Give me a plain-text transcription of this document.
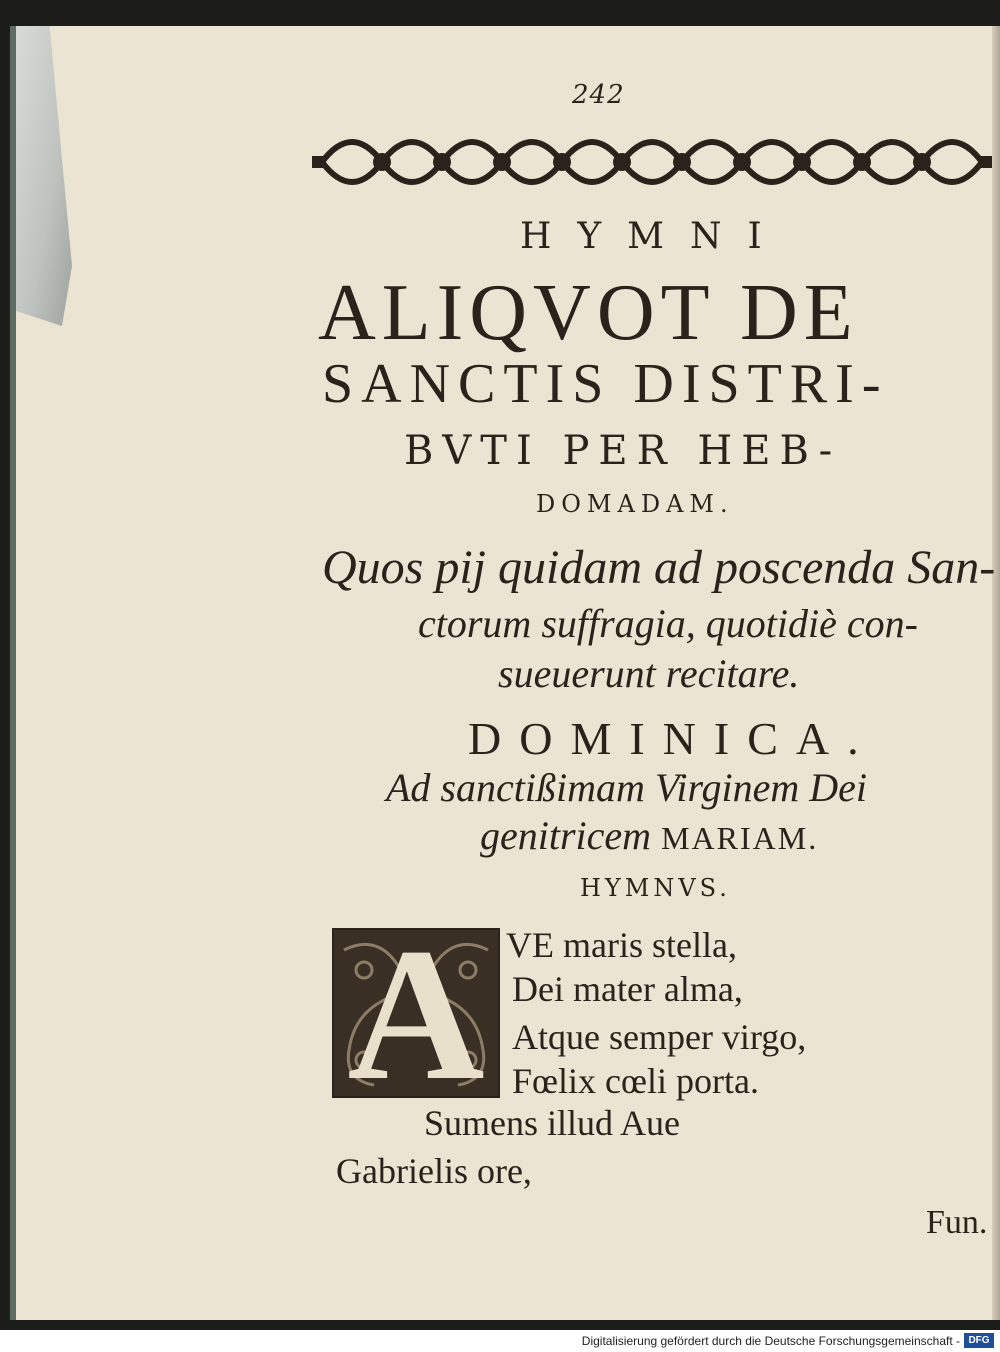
242
HYMNI
ALIQVOT DE
SANCTIS DISTRI-
BVTI PER HEB-
DOMADAM.
Quos pij quidam ad poscenda San-
ctorum suffragia, quotidiè con-
sueuerunt recitare.
DOMINICA.
Ad sanctißimam Virginem Dei
genitricem MARIAM.
HYMNVS.
A VE maris stella,
Dei mater alma,
Atque semper virgo,
Fœlix cœli porta.
Sumens illud Aue
Gabrielis ore,
Fun.
Digitalisierung gefördert durch die Deutsche Forschungsgemeinschaft - DFG
